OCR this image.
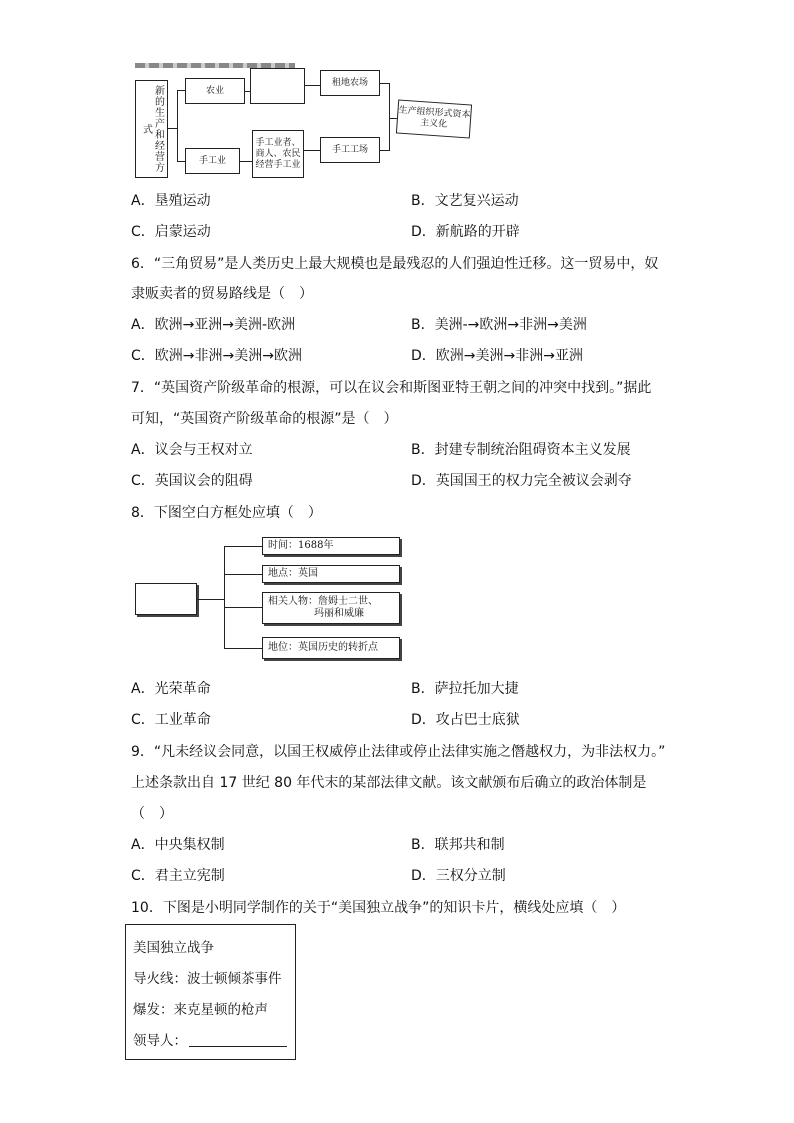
新的生产和经营方式
农业
租地农场
生产组织形式资本主义化
手工业
手工业者、商人、农民经营手工业
手工工场
A．垦殖运动	B．文艺复兴运动
C．启蒙运动	D．新航路的开辟
6．“三角贸易”是人类历史上最大规模也是最残忍的人们强迫性迁移。这一贸易中，奴
隶贩卖者的贸易路线是（　）
A．欧洲→亚洲→美洲-欧洲	B．美洲-→欧洲→非洲→美洲
C．欧洲→非洲→美洲→欧洲	D．欧洲→美洲→非洲→亚洲
7．“英国资产阶级革命的根源，可以在议会和斯图亚特王朝之间的冲突中找到。”据此
可知，“英国资产阶级革命的根源”是（　）
A．议会与王权对立	B．封建专制统治阻碍资本主义发展
C．英国议会的阻碍	D．英国国王的权力完全被议会剥夺
8．下图空白方框处应填（　）
时间：1688年
地点：英国
相关人物：詹姆士二世、
玛丽和威廉
地位：英国历史的转折点
A．光荣革命	B．萨拉托加大捷
C．工业革命	D．攻占巴士底狱
9．“凡未经议会同意，以国王权威停止法律或停止法律实施之僭越权力，为非法权力。”
上述条款出自 17 世纪 80 年代末的某部法律文献。该文献颁布后确立的政治体制是
（　）
A．中央集权制	B．联邦共和制
C．君主立宪制	D．三权分立制
10．下图是小明同学制作的关于“美国独立战争”的知识卡片，横线处应填（　）
美国独立战争
导火线：波士顿倾茶事件
爆发：来克星顿的枪声
领导人：
